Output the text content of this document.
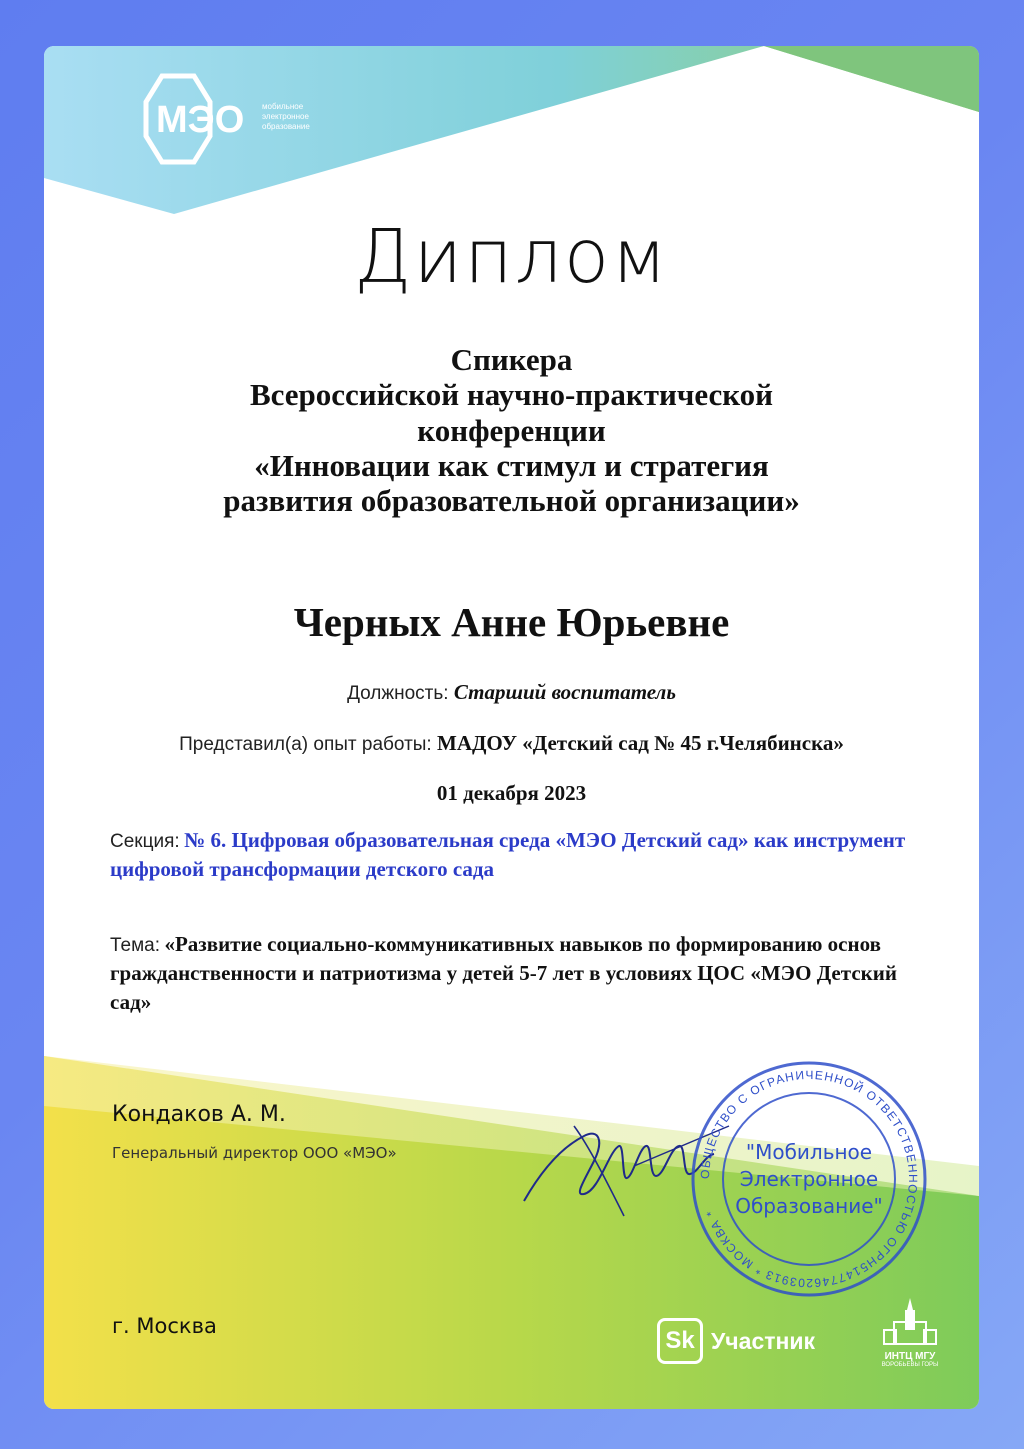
МЭО мобильное
электронное
образование
Диплом
Спикера
Всероссийской научно-практической
конференции
«Инновации как стимул и стратегия
развития образовательной организации»
Черных Анне Юрьевне
Должность: Старший воспитатель
Представил(а) опыт работы: МАДОУ «Детский сад № 45 г.Челябинска»
01 декабря 2023
Секция: № 6. Цифровая образовательная среда «МЭО Детский сад» как инструмент цифровой трансформации детского сада
Тема: «Развитие социально-коммуникативных навыков по формированию основ гражданственности и патриотизма у детей 5-7 лет в условиях ЦОС «МЭО Детский сад»
Кондаков А. М.
Генеральный директор ООО «МЭО»
ОБЩЕСТВО С ОГРАНИЧЕННОЙ ОТВЕТСТВЕННОСТЬЮ ОГРН5147746203913 * МОСКВА *
"Мобильное
Электронное
Образование"
г. Москва
Sk Участник
ИНТЦ МГУ
ВОРОБЬЕВЫ ГОРЫ
